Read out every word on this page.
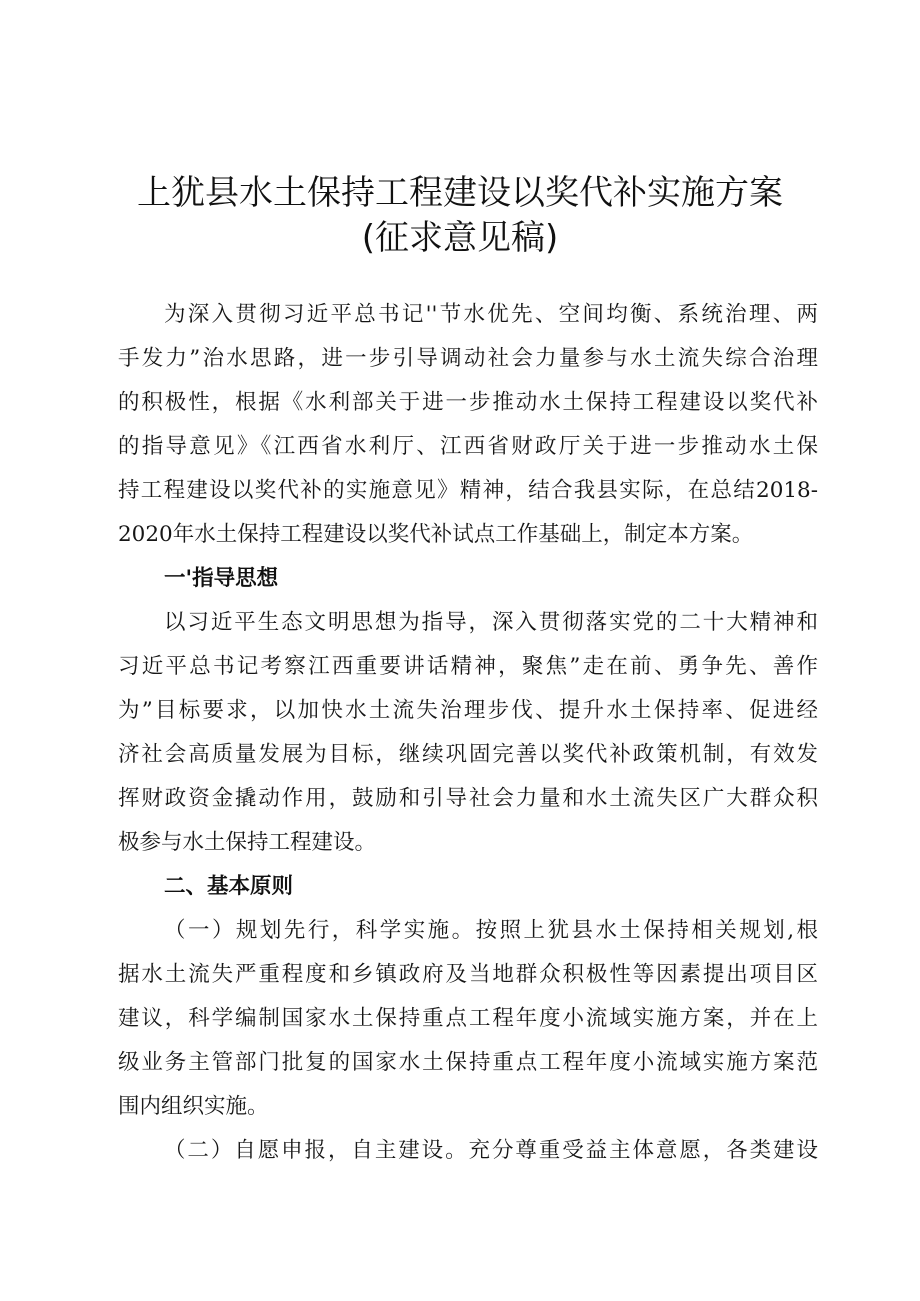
上犹县水土保持工程建设以奖代补实施方案
(征求意见稿)
为深入贯彻习近平总书记''节水优先、空间均衡、系统治理、两
手发力”治水思路，进一步引导调动社会力量参与水土流失综合治理
的积极性，根据《水利部关于进一步推动水土保持工程建设以奖代补
的指导意见》《江西省水利厅、江西省财政厅关于进一步推动水土保
持工程建设以奖代补的实施意见》精神，结合我县实际，在总结2018-
2020年水土保持工程建设以奖代补试点工作基础上，制定本方案。
一'指导思想
以习近平生态文明思想为指导，深入贯彻落实党的二十大精神和
习近平总书记考察江西重要讲话精神，聚焦”走在前、勇争先、善作
为”目标要求，以加快水土流失治理步伐、提升水土保持率、促进经
济社会高质量发展为目标，继续巩固完善以奖代补政策机制，有效发
挥财政资金撬动作用，鼓励和引导社会力量和水土流失区广大群众积
极参与水土保持工程建设。
二、基本原则
（一）规划先行，科学实施。按照上犹县水土保持相关规划,根
据水土流失严重程度和乡镇政府及当地群众积极性等因素提出项目区
建议，科学编制国家水土保持重点工程年度小流域实施方案，并在上
级业务主管部门批复的国家水土保持重点工程年度小流域实施方案范
围内组织实施。
（二）自愿申报，自主建设。充分尊重受益主体意愿，各类建设
